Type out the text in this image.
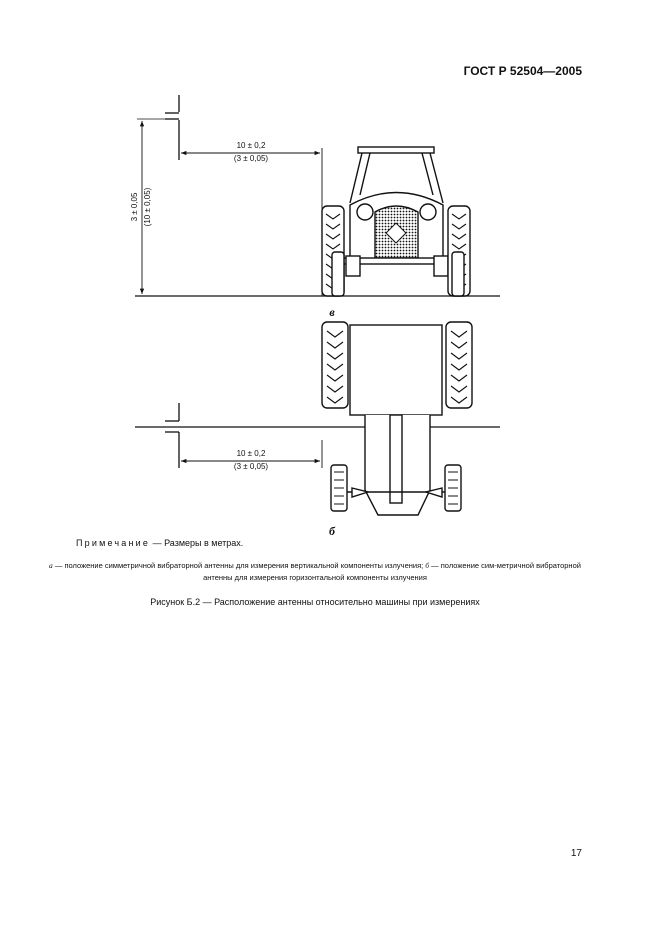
ГОСТ Р 52504—2005
в
10 ± 0,2
(3 ± 0,05)
3 ± 0,05 (10 ± 0,05)
б
10 ± 0,2
(3 ± 0,05)
Примечание — Размеры в метрах.
а — положение симметричной вибраторной антенны для измерения вертикальной компоненты излучения; б — положение сим-метричной вибраторной антенны для измерения горизонтальной компоненты излучения
Рисунок Б.2 — Расположение антенны относительно машины при измерениях
17
